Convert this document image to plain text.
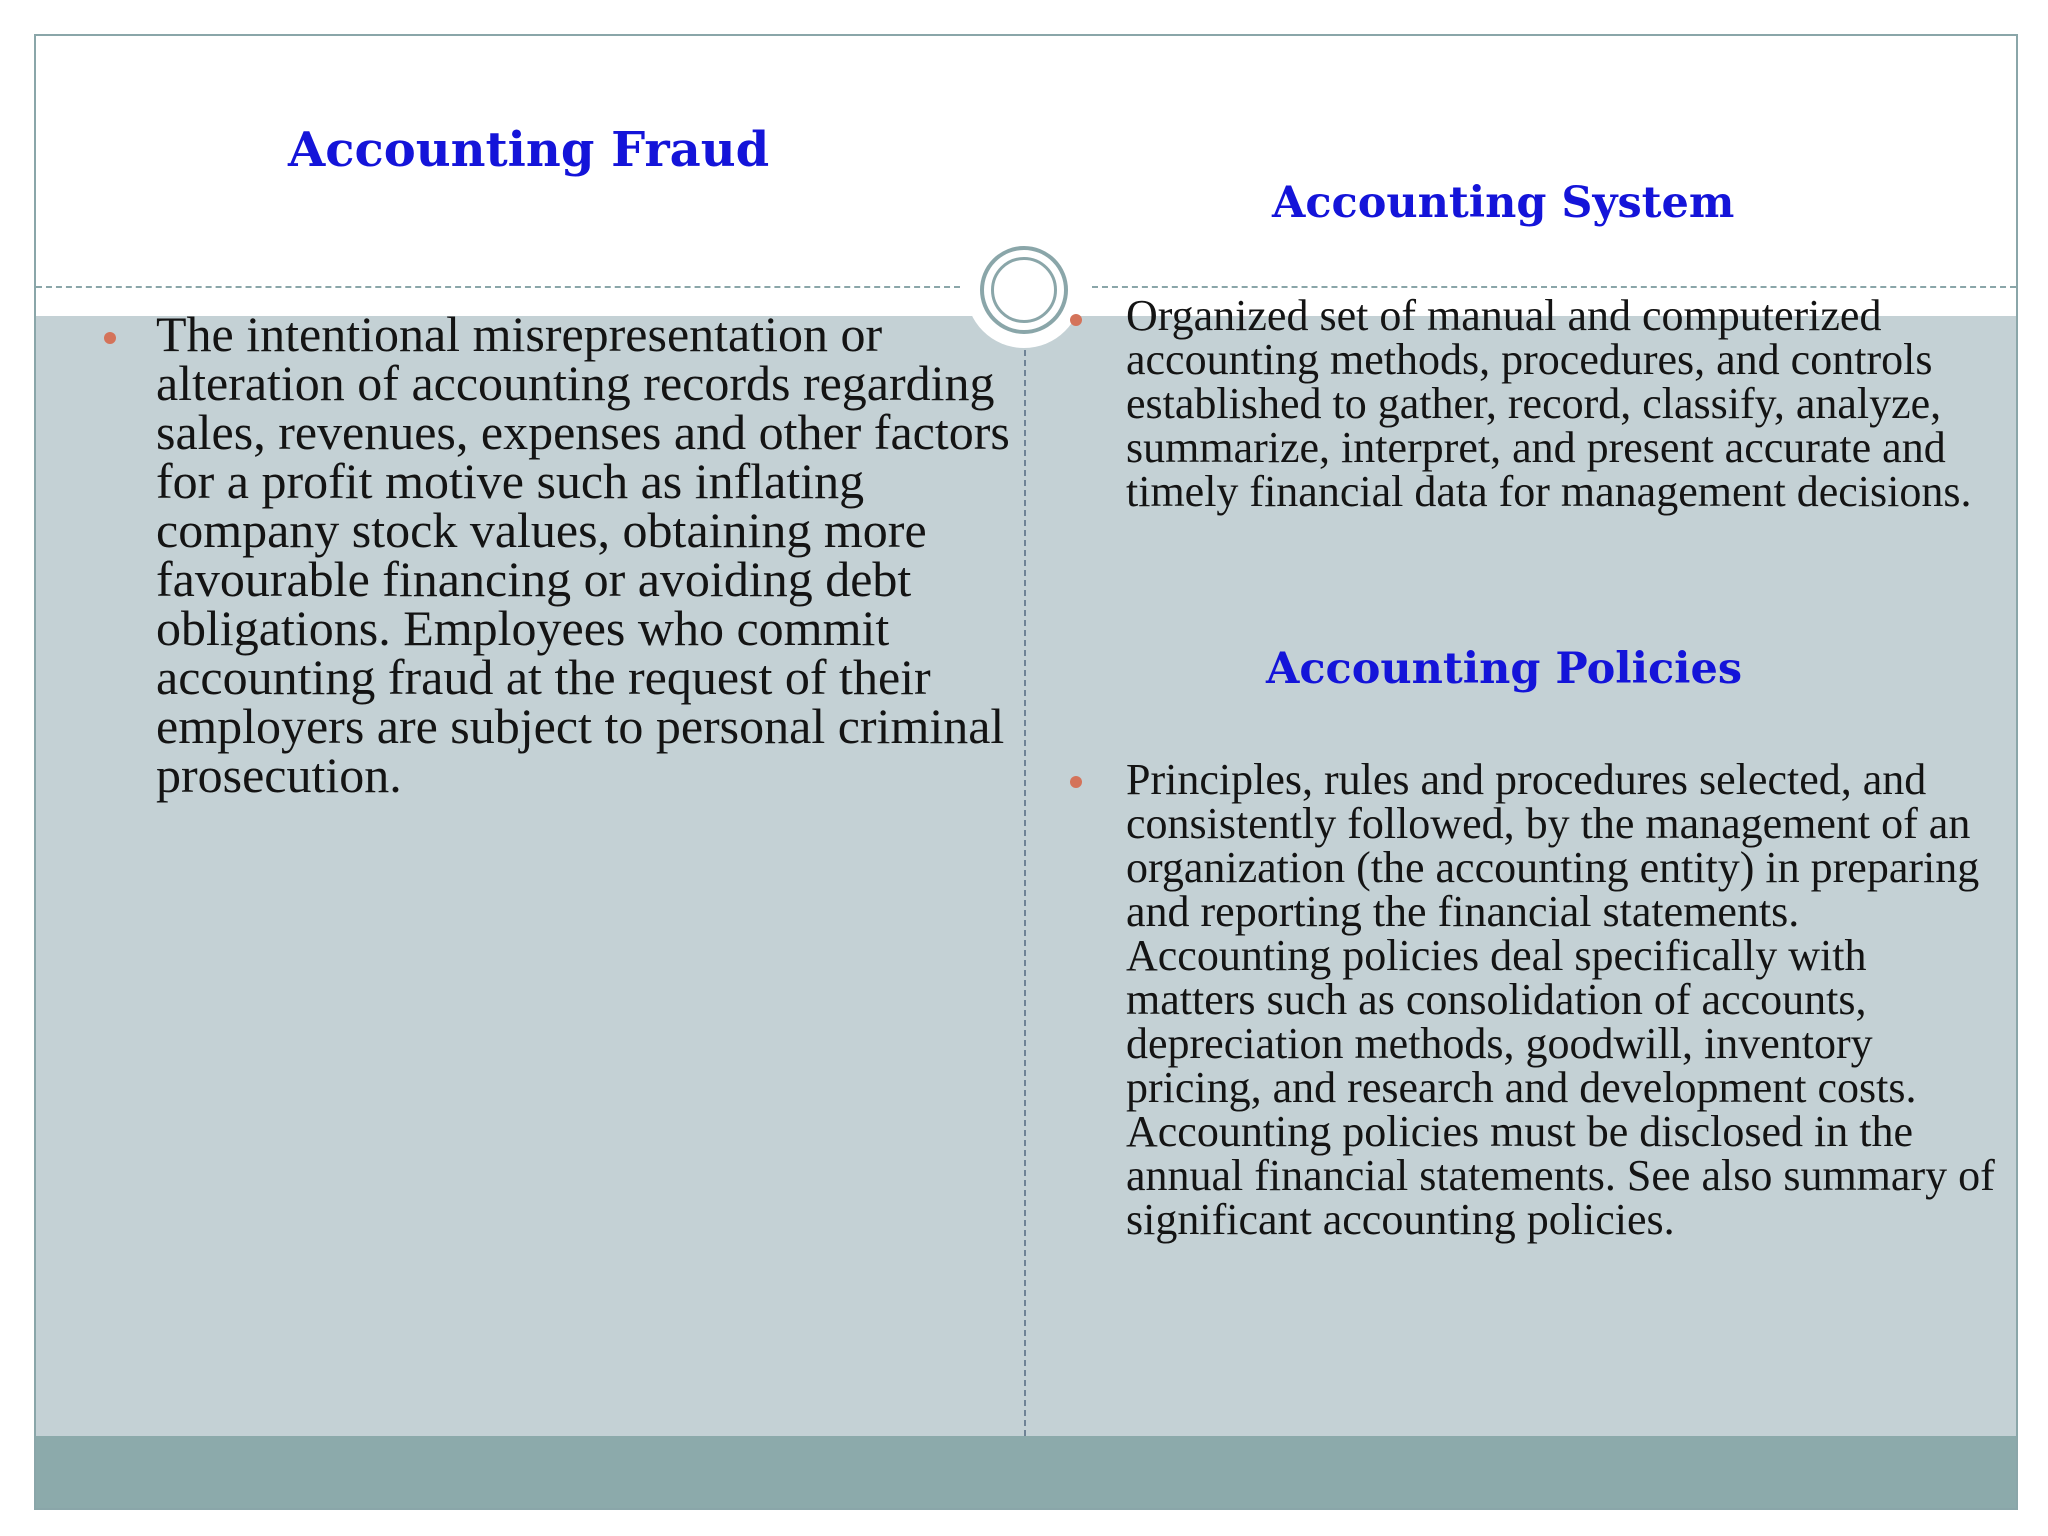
Accounting Fraud
Accounting System
Accounting Policies
The intentional misrepresentation or alteration of accounting records regarding sales, revenues, expenses and other factors for a profit motive such as inflating company stock values, obtaining more favourable financing or avoiding debt obligations. Employees who commit accounting fraud at the request of their employers are subject to personal criminal prosecution.
Organized set of manual and computerized accounting methods, procedures, and controls established to gather, record, classify, analyze, summarize, interpret, and present accurate and timely financial data for management decisions.
Principles, rules and procedures selected, and consistently followed, by the management of an organization (the accounting entity) in preparing and reporting the financial statements. Accounting policies deal specifically with matters such as consolidation of accounts, depreciation methods, goodwill, inventory pricing, and research and development costs. Accounting policies must be disclosed in the annual financial statements. See also summary of significant accounting policies.
